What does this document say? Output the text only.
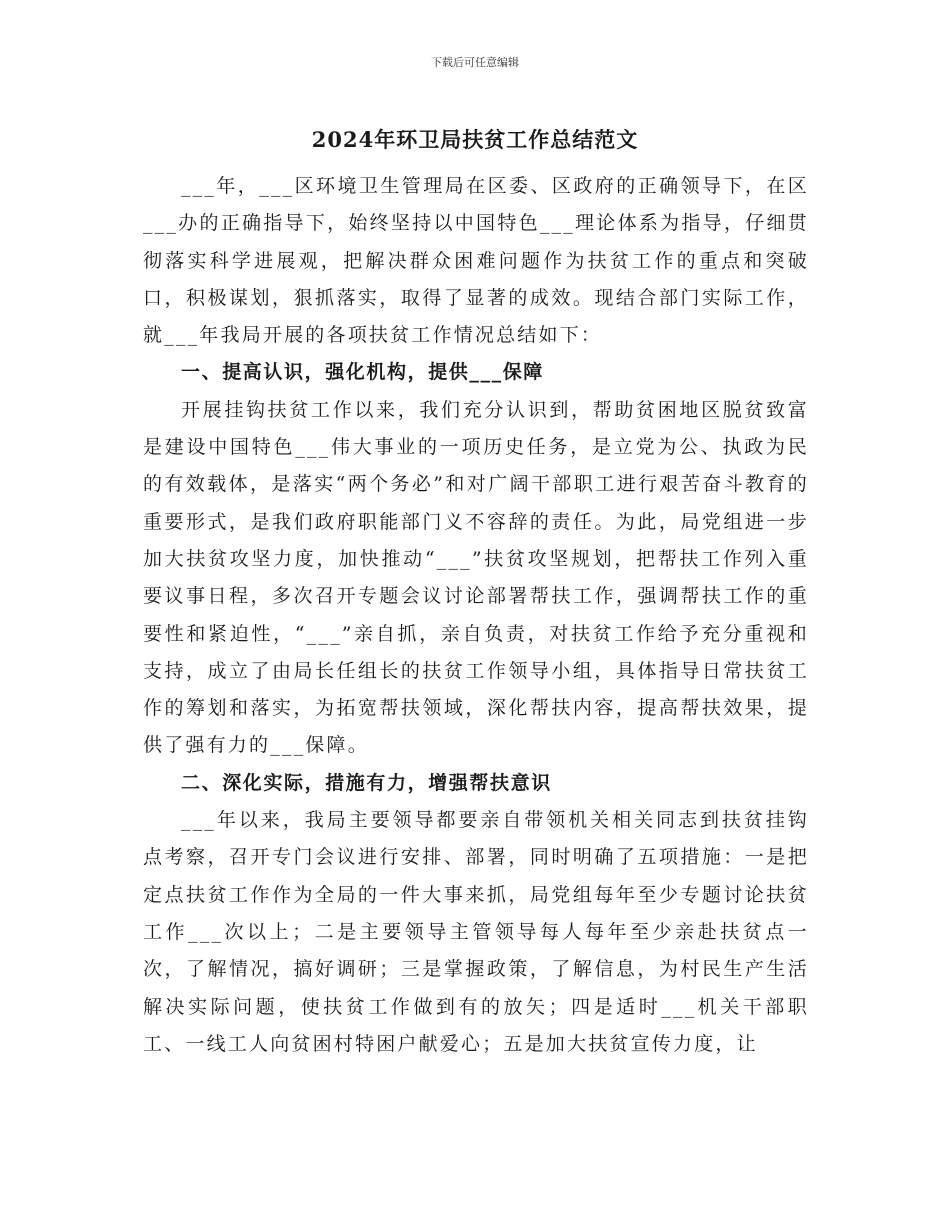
下载后可任意编辑
2024年环卫局扶贫工作总结范文

___年，___区环境卫生管理局在区委、区政府的正确领导下，在区___办的正确指导下，始终坚持以中国特色___理论体系为指导，仔细贯彻落实科学进展观，把解决群众困难问题作为扶贫工作的重点和突破口，积极谋划，狠抓落实，取得了显著的成效。现结合部门实际工作，就___年我局开展的各项扶贫工作情况总结如下：

一、提高认识，强化机构，提供___保障

开展挂钩扶贫工作以来，我们充分认识到，帮助贫困地区脱贫致富是建设中国特色___伟大事业的一项历史任务，是立党为公、执政为民的有效载体，是落实“两个务必”和对广阔干部职工进行艰苦奋斗教育的重要形式，是我们政府职能部门义不容辞的责任。为此，局党组进一步加大扶贫攻坚力度，加快推动“___”扶贫攻坚规划，把帮扶工作列入重要议事日程，多次召开专题会议讨论部署帮扶工作，强调帮扶工作的重要性和紧迫性，“___”亲自抓，亲自负责，对扶贫工作给予充分重视和支持，成立了由局长任组长的扶贫工作领导小组，具体指导日常扶贫工作的筹划和落实，为拓宽帮扶领域，深化帮扶内容，提高帮扶效果，提供了强有力的___保障。

二、深化实际，措施有力，增强帮扶意识

___年以来，我局主要领导都要亲自带领机关相关同志到扶贫挂钩点考察，召开专门会议进行安排、部署，同时明确了五项措施：一是把定点扶贫工作作为全局的一件大事来抓，局党组每年至少专题讨论扶贫工作___次以上；二是主要领导主管领导每人每年至少亲赴扶贫点一次，了解情况，搞好调研；三是掌握政策，了解信息，为村民生产生活解决实际问题，使扶贫工作做到有的放矢；四是适时___机关干部职工、一线工人向贫困村特困户献爱心；五是加大扶贫宣传力度，让
